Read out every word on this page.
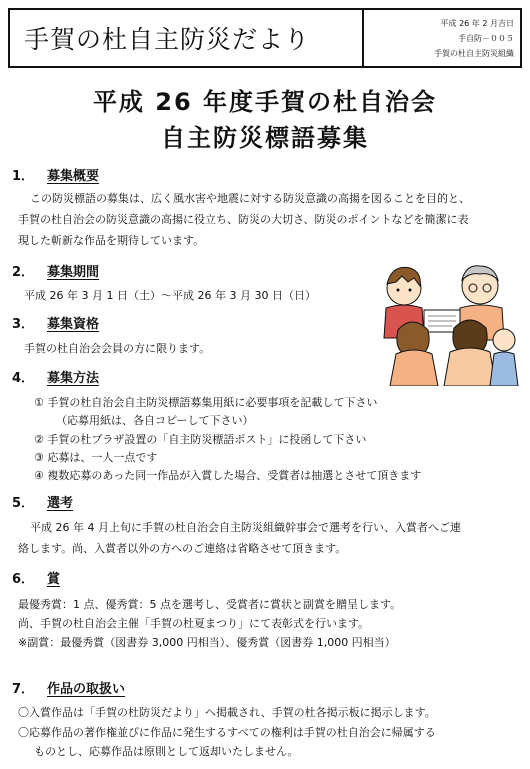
手賀の杜自主防災だより
平成 26 年 2 月吉日
手自防－００５
手賀の杜自主防災組織
平成 26 年度手賀の杜自治会
自主防災標語募集
1． 募集概要
この防災標語の募集は、広く風水害や地震に対する防災意識の高揚を図ることを目的と、
手賀の杜自治会の防災意識の高揚に役立ち、防災の大切さ、防災のポイントなどを簡潔に表
現した斬新な作品を期待しています。
2． 募集期間
平成 26 年 3 月 1 日（土）～平成 26 年 3 月 30 日（日）
3． 募集資格
手賀の杜自治会会員の方に限ります。
4． 募集方法
① 手賀の杜自治会自主防災標語募集用紙に必要事項を記載して下さい
（応募用紙は、各自コピーして下さい）
② 手賀の杜プラザ設置の「自主防災標語ポスト」に投函して下さい
③ 応募は、一人一点です
④ 複数応募のあった同一作品が入賞した場合、受賞者は抽選とさせて頂きます
5． 選考
平成 26 年 4 月上旬に手賀の杜自治会自主防災組織幹事会で選考を行い、入賞者へご連
絡します。尚、入賞者以外の方へのご連絡は省略させて頂きます。
6． 賞
最優秀賞：1 点、優秀賞：5 点を選考し、受賞者に賞状と副賞を贈呈します。
尚、手賀の杜自治会主催「手賀の杜夏まつり」にて表彰式を行います。
※副賞：最優秀賞（図書券 3,000 円相当）、優秀賞（図書券 1,000 円相当）
7． 作品の取扱い
〇入賞作品は「手賀の杜防災だより」へ掲載され、手賀の杜各掲示板に掲示します。
〇応募作品の著作権並びに作品に発生するすべての権利は手賀の杜自治会に帰属する
ものとし、応募作品は原則として返却いたしません。
